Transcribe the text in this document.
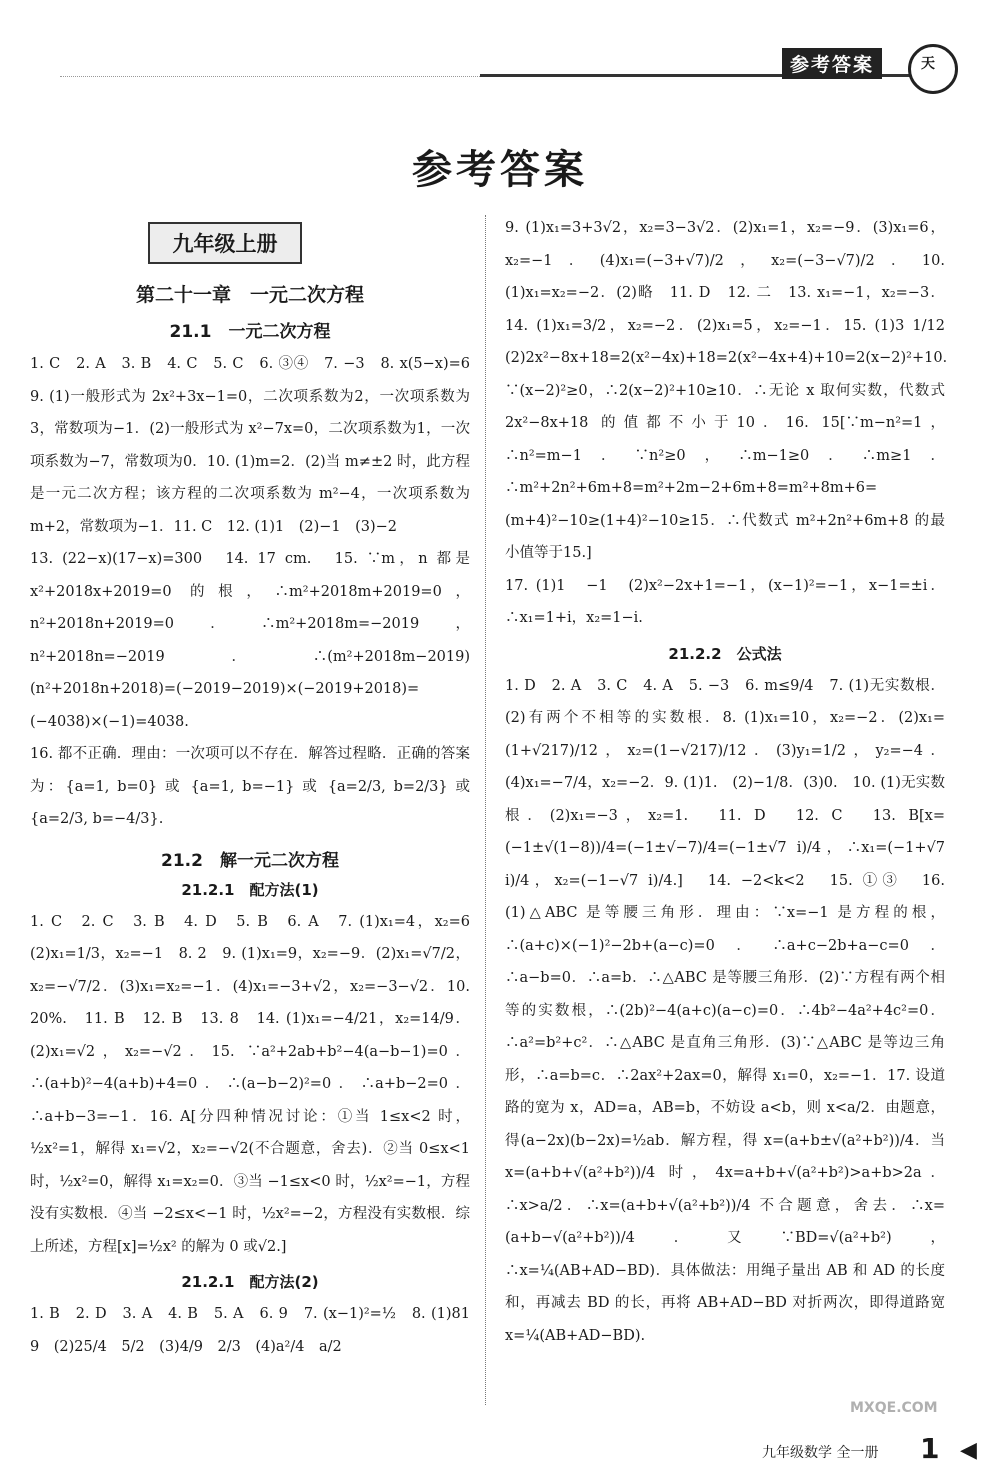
参考答案	天
参考答案
九年级上册
第二十一章　一元二次方程
21.1　一元二次方程

1. C　2. A　3. B　4. C　5. C　6. ③④　7. −3　8. x(5−x)=6　9. (1)一般形式为 2x²+3x−1=0，二次项系数为2，一次项系数为3，常数项为−1．(2)一般形式为 x²−7x=0，二次项系数为1，一次项系数为−7，常数项为0．10. (1)m=2．(2)当 m≠±2 时，此方程是一元二次方程；该方程的二次项系数为 m²−4，一次项系数为 m+2，常数项为−1．11. C　12. (1)1　(2)−1　(3)−2

13. (22−x)(17−x)=300　14. 17 cm.　15. ∵m，n 都是 x²+2018x+2019=0 的根，∴m²+2018m+2019=0，n²+2018n+2019=0．∴m²+2018m=−2019，n²+2018n=−2019．∴(m²+2018m−2019)(n²+2018n+2018)=(−2019−2019)×(−2019+2018)=(−4038)×(−1)=4038.

16. 都不正确．理由：一次项可以不存在．解答过程略．正确的答案为：{a=1, b=0} 或 {a=1, b=−1} 或 {a=2/3, b=2/3} 或 {a=2/3, b=−4/3}.

21.2　解一元二次方程
21.2.1　配方法(1)

1. C　2. C　3. B　4. D　5. B　6. A　7. (1)x₁=4，x₂=6　(2)x₁=1/3，x₂=−1　8. 2　9. (1)x₁=9，x₂=−9．(2)x₁=√7/2，x₂=−√7/2．(3)x₁=x₂=−1．(4)x₁=−3+√2，x₂=−3−√2．10. 20%.　11. B　12. B　13. 8　14. (1)x₁=−4/21，x₂=14/9．(2)x₁=√2，x₂=−√2．15. ∵a²+2ab+b²−4(a−b−1)=0．∴(a+b)²−4(a+b)+4=0．∴(a−b−2)²=0．∴a+b−2=0．∴a+b−3=−1．16. A[分四种情况讨论：①当 1≤x<2 时，½x²=1，解得 x₁=√2，x₂=−√2(不合题意，舍去)．②当 0≤x<1 时，½x²=0，解得 x₁=x₂=0．③当 −1≤x<0 时，½x²=−1，方程没有实数根．④当 −2≤x<−1 时，½x²=−2，方程没有实数根．综上所述，方程[x]=½x² 的解为 0 或√2.]

21.2.1　配方法(2)

1. B　2. D　3. A　4. B　5. A　6. 9　7. (x−1)²=½　8. (1)81　9　(2)25/4　5/2　(3)4/9　2/3　(4)a²/4　a/2

9. (1)x₁=3+3√2，x₂=3−3√2．(2)x₁=1，x₂=−9．(3)x₁=6，x₂=−1．(4)x₁=(−3+√7)/2，x₂=(−3−√7)/2．10. (1)x₁=x₂=−2．(2)略　11. D　12. 二　13. x₁=−1，x₂=−3．14. (1)x₁=3/2，x₂=−2．(2)x₁=5，x₂=−1．15. (1)3 1/12　(2)2x²−8x+18=2(x²−4x)+18=2(x²−4x+4)+10=2(x−2)²+10．∵(x−2)²≥0，∴2(x−2)²+10≥10．∴无论 x 取何实数，代数式 2x²−8x+18 的值都不小于10．16. 15[∵m−n²=1，∴n²=m−1．∵n²≥0，∴m−1≥0．∴m≥1．∴m²+2n²+6m+8=m²+2m−2+6m+8=m²+8m+6=(m+4)²−10≥(1+4)²−10≥15．∴代数式 m²+2n²+6m+8 的最小值等于15.]

17. (1)1　−1　(2)x²−2x+1=−1，(x−1)²=−1，x−1=±i．∴x₁=1+i，x₂=1−i.

21.2.2　公式法

1. D　2. A　3. C　4. A　5. −3　6. m≤9/4　7. (1)无实数根．(2)有两个不相等的实数根．8. (1)x₁=10，x₂=−2．(2)x₁=(1+√217)/12，x₂=(1−√217)/12．(3)y₁=1/2，y₂=−4．(4)x₁=−7/4，x₂=−2．9. (1)1.　(2)−1/8．(3)0.　10. (1)无实数根．(2)x₁=−3，x₂=1.　11. D　12. C　13. B[x=(−1±√(1−8))/4=(−1±√−7)/4=(−1±√7 i)/4，∴x₁=(−1+√7 i)/4，x₂=(−1−√7 i)/4.]　14. −2<k<2　15. ①③　16. (1)△ABC 是等腰三角形．理由：∵x=−1 是方程的根，∴(a+c)×(−1)²−2b+(a−c)=0．∴a+c−2b+a−c=0．∴a−b=0．∴a=b．∴△ABC 是等腰三角形．(2)∵方程有两个相等的实数根，∴(2b)²−4(a+c)(a−c)=0．∴4b²−4a²+4c²=0．∴a²=b²+c²．∴△ABC 是直角三角形．(3)∵△ABC 是等边三角形，∴a=b=c．∴2ax²+2ax=0，解得 x₁=0，x₂=−1．17. 设道路的宽为 x，AD=a，AB=b，不妨设 a<b，则 x<a/2．由题意，得(a−2x)(b−2x)=½ab．解方程，得 x=(a+b±√(a²+b²))/4．当 x=(a+b+√(a²+b²))/4 时，4x=a+b+√(a²+b²)>a+b>2a．∴x>a/2．∴x=(a+b+√(a²+b²))/4 不合题意，舍去．∴x=(a+b−√(a²+b²))/4．又∵BD=√(a²+b²)，∴x=¼(AB+AD−BD)．具体做法：用绳子量出 AB 和 AD 的长度和，再减去 BD 的长，再将 AB+AD−BD 对折两次，即得道路宽 x=¼(AB+AD−BD).

MXQE.COM
九年级数学 全一册 1 ◀
